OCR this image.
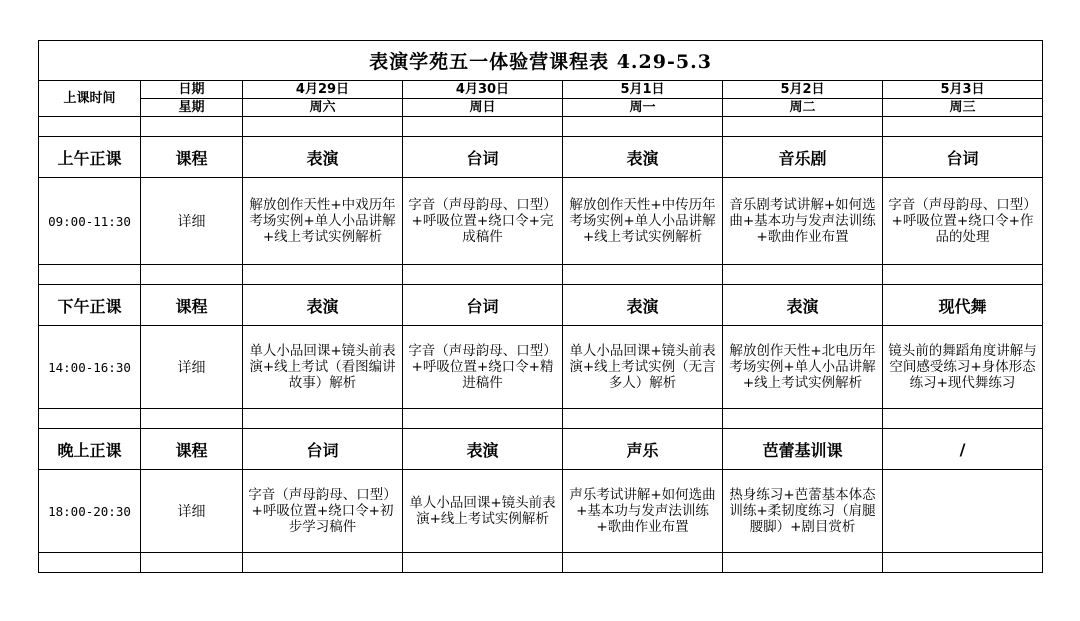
表演学苑五一体验营课程表 4.29-5.3						
上课时间	日期	4月29日	4月30日	5月1日	5月2日	5月3日
	星期	周六	周日	周一	周二	周三

上午正课	课程	表演	台词	表演	音乐剧	台词
09:00-11:30	详细	解放创作天性+中戏历年考场实例+单人小品讲解+线上考试实例解析	字音（声母韵母、口型）+呼吸位置+绕口令+完成稿件	解放创作天性+中传历年考场实例+单人小品讲解+线上考试实例解析	音乐剧考试讲解+如何选曲+基本功与发声法训练+歌曲作业布置	字音（声母韵母、口型）+呼吸位置+绕口令+作品的处理

下午正课	课程	表演	台词	表演	表演	现代舞
14:00-16:30	详细	单人小品回课+镜头前表演+线上考试（看图编讲故事）解析	字音（声母韵母、口型）+呼吸位置+绕口令+精进稿件	单人小品回课+镜头前表演+线上考试实例（无言多人）解析	解放创作天性+北电历年考场实例+单人小品讲解+线上考试实例解析	镜头前的舞蹈角度讲解与空间感受练习+身体形态练习+现代舞练习

晚上正课	课程	台词	表演	声乐	芭蕾基训课	/
18:00-20:30	详细	字音（声母韵母、口型）+呼吸位置+绕口令+初步学习稿件	单人小品回课+镜头前表演+线上考试实例解析	声乐考试讲解+如何选曲+基本功与发声法训练+歌曲作业布置	热身练习+芭蕾基本体态训练+柔韧度练习（肩腿腰脚）+剧目赏析	
